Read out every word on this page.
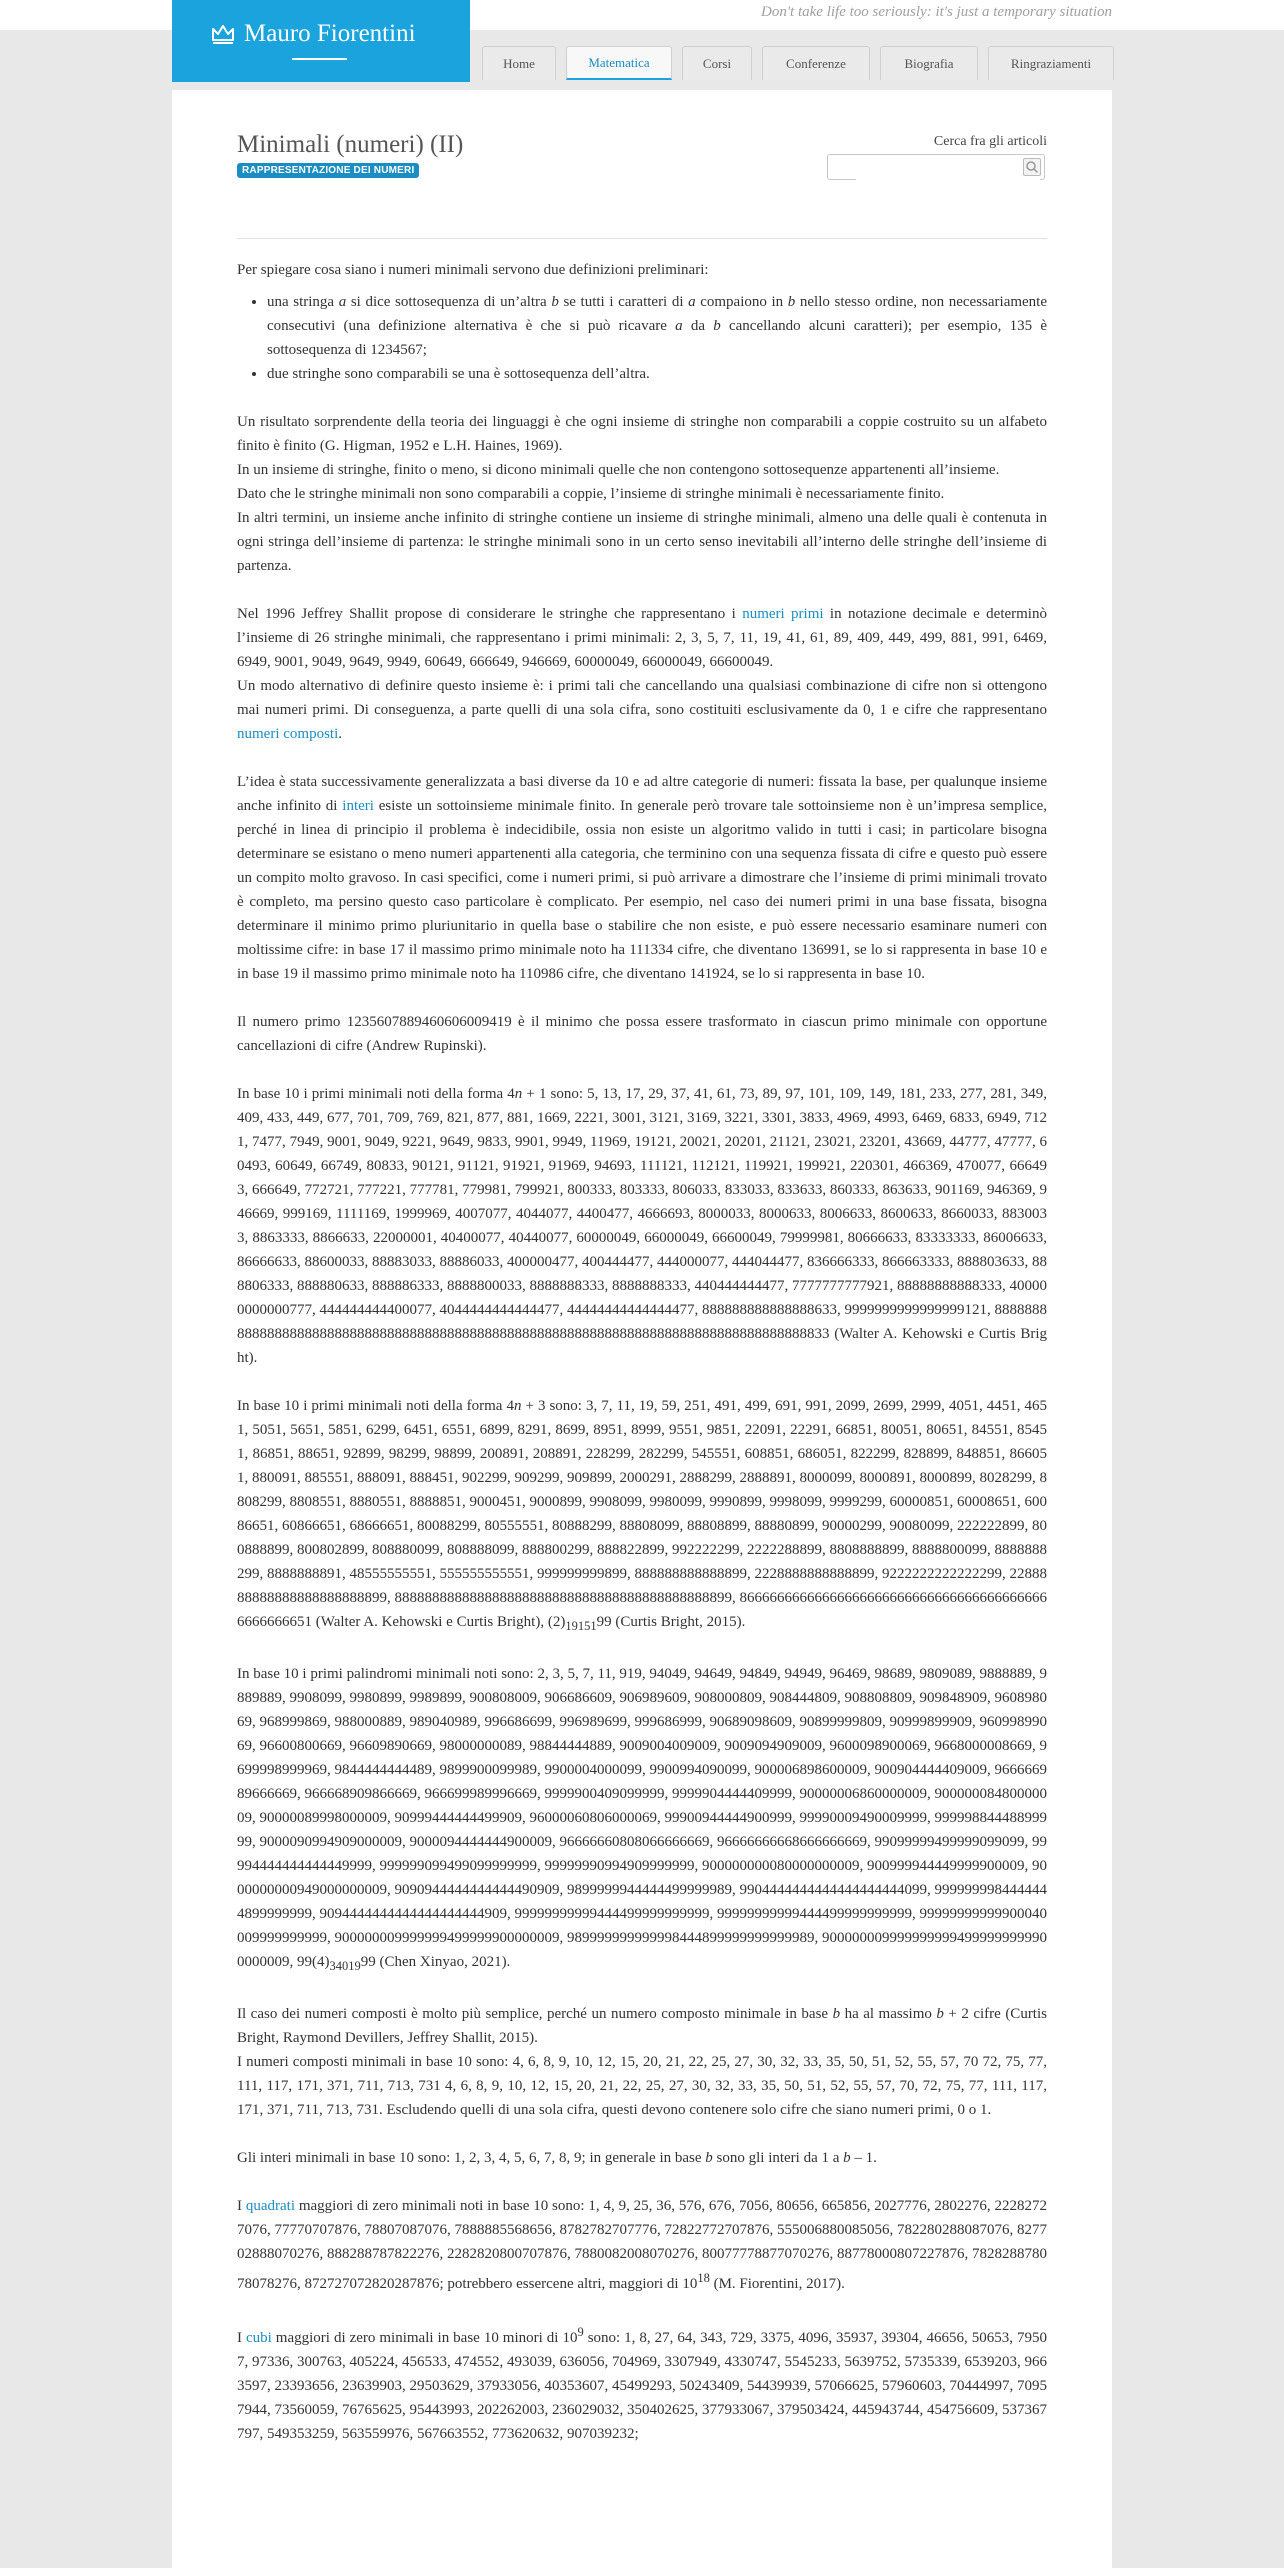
Don't take life too seriously: it's just a temporary situation
Mauro Fiorentini
Home	Matematica	Corsi	Conferenze	Biografia	Ringraziamenti
Minimali (numeri) (II)
RAPPRESENTAZIONE DEI NUMERI
Cerca fra gli articoli

Per spiegare cosa siano i numeri minimali servono due definizioni preliminari:

• una stringa a si dice sottosequenza di un’altra b se tutti i caratteri di a compaiono in b nello stesso ordine, non necessariamente consecutivi (una definizione alternativa è che si può ricavare a da b cancellando alcuni caratteri); per esempio, 135 è sottosequenza di 1234567;
• due stringhe sono comparabili se una è sottosequenza dell’altra.

Un risultato sorprendente della teoria dei linguaggi è che ogni insieme di stringhe non comparabili a coppie costruito su un alfabeto finito è finito (G. Higman, 1952 e L.H. Haines, 1969).

In un insieme di stringhe, finito o meno, si dicono minimali quelle che non contengono sottosequenze appartenenti all’insieme.

Dato che le stringhe minimali non sono comparabili a coppie, l’insieme di stringhe minimali è necessariamente finito.

In altri termini, un insieme anche infinito di stringhe contiene un insieme di stringhe minimali, almeno una delle quali è contenuta in ogni stringa dell’insieme di partenza: le stringhe minimali sono in un certo senso inevitabili all’interno delle stringhe dell’insieme di partenza.

Nel 1996 Jeffrey Shallit propose di considerare le stringhe che rappresentano i numeri primi in notazione decimale e determinò l’insieme di 26 stringhe minimali, che rappresentano i primi minimali: 2, 3, 5, 7, 11, 19, 41, 61, 89, 409, 449, 499, 881, 991, 6469, 6949, 9001, 9049, 9649, 9949, 60649, 666649, 946669, 60000049, 66000049, 66600049.

Un modo alternativo di definire questo insieme è: i primi tali che cancellando una qualsiasi combinazione di cifre non si ottengono mai numeri primi. Di conseguenza, a parte quelli di una sola cifra, sono costituiti esclusivamente da 0, 1 e cifre che rappresentano numeri composti.

L’idea è stata successivamente generalizzata a basi diverse da 10 e ad altre categorie di numeri: fissata la base, per qualunque insieme anche infinito di interi esiste un sottoinsieme minimale finito. In generale però trovare tale sottoinsieme non è un’impresa semplice, perché in linea di principio il problema è indecidibile, ossia non esiste un algoritmo valido in tutti i casi; in particolare bisogna determinare se esistano o meno numeri appartenenti alla categoria, che terminino con una sequenza fissata di cifre e questo può essere un compito molto gravoso. In casi specifici, come i numeri primi, si può arrivare a dimostrare che l’insieme di primi minimali trovato è completo, ma persino questo caso particolare è complicato. Per esempio, nel caso dei numeri primi in una base fissata, bisogna determinare il minimo primo pluriunitario in quella base o stabilire che non esiste, e può essere necessario esaminare numeri con moltissime cifre: in base 17 il massimo primo minimale noto ha 111334 cifre, che diventano 136991, se lo si rappresenta in base 10 e in base 19 il massimo primo minimale noto ha 110986 cifre, che diventano 141924, se lo si rappresenta in base 10.

Il numero primo 1235607889460606009419 è il minimo che possa essere trasformato in ciascun primo minimale con opportune cancellazioni di cifre (Andrew Rupinski).

In base 10 i primi minimali noti della forma 4n + 1 sono: 5, 13, 17, 29, 37, 41, 61, 73, 89, 97, 101, 109, 149, 181, 233, 277, 281, 349, 409, 433, 449, 677, 701, 709, 769, 821, 877, 881, 1669, 2221, 3001, 3121, 3169, 3221, 3301, 3833, 4969, 4993, 6469, 6833, 6949, 7121, 7477, 7949, 9001, 9049, 9221, 9649, 9833, 9901, 9949, 11969, 19121, 20021, 20201, 21121, 23021, 23201, 43669, 44777, 47777, 60493, 60649, 66749, 80833, 90121, 91121, 91921, 91969, 94693, 111121, 112121, 119921, 199921, 220301, 466369, 470077, 666493, 666649, 772721, 777221, 777781, 779981, 799921, 800333, 803333, 806033, 833033, 833633, 860333, 863633, 901169, 946369, 946669, 999169, 1111169, 1999969, 4007077, 4044077, 4400477, 4666693, 8000033, 8000633, 8006633, 8600633, 8660033, 8830033, 8863333, 8866633, 22000001, 40400077, 40440077, 60000049, 66000049, 66600049, 79999981, 80666633, 83333333, 86006633, 86666633, 88600033, 88883033, 88886033, 400000477, 400444477, 444000077, 444044477, 836666333, 866663333, 888803633, 888806333, 888880633, 888886333, 8888800033, 8888888333, 8888888333, 440444444477, 7777777777921, 88888888888333, 400000000000777, 444444444400077, 4044444444444477, 44444444444444477, 888888888888888633, 9999999999999999121, 88888888888888888888888888888888888888888888888888888888888888888888888888888888888833 (Walter A. Kehowski e Curtis Bright).

In base 10 i primi minimali noti della forma 4n + 3 sono: 3, 7, 11, 19, 59, 251, 491, 499, 691, 991, 2099, 2699, 2999, 4051, 4451, 4651, 5051, 5651, 5851, 6299, 6451, 6551, 6899, 8291, 8699, 8951, 8999, 9551, 9851, 22091, 22291, 66851, 80051, 80651, 84551, 85451, 86851, 88651, 92899, 98299, 98899, 200891, 208891, 228299, 282299, 545551, 608851, 686051, 822299, 828899, 848851, 866051, 880091, 885551, 888091, 888451, 902299, 909299, 909899, 2000291, 2888299, 2888891, 8000099, 8000891, 8000899, 8028299, 8808299, 8808551, 8880551, 8888851, 9000451, 9000899, 9908099, 9980099, 9990899, 9998099, 9999299, 60000851, 60008651, 60086651, 60866651, 68666651, 80088299, 80555551, 80888299, 88808099, 88808899, 88880899, 90000299, 90080099, 222222899, 800888899, 800802899, 808880099, 808888099, 888800299, 888822899, 992222299, 2222288899, 8808888899, 8888800099, 8888888299, 8888888891, 48555555551, 555555555551, 999999999899, 888888888888899, 2228888888888899, 9222222222222299, 2288888888888888888888899, 888888888888888888888888888888888888888888899, 866666666666666666666666666666666666666666666666651 (Walter A. Kehowski e Curtis Bright), $(2)_{19151}99$ (Curtis Bright, 2015).

In base 10 i primi palindromi minimali noti sono: 2, 3, 5, 7, 11, 919, 94049, 94649, 94849, 94949, 96469, 98689, 9809089, 9888889, 9889889, 9908099, 9980899, 9989899, 900808009, 906686609, 906989609, 908000809, 908444809, 908808809, 909848909, 960898069, 968999869, 988000889, 989040989, 996686699, 996989699, 999686999, 90689098609, 90899999809, 90999899909, 96099899069, 96600800669, 96609890669, 98000000089, 98844444889, 9009004009009, 9009094909009, 9600098900069, 9668000008669, 9699998999969, 9844444444489, 9899900099989, 9900004000099, 9900994090099, 900006898600009, 900904444409009, 966666989666669, 966668909866669, 966699989996669, 9999900409099999, 9999904444409999, 90000006860000009, 90000008480000009, 90000089998000009, 90999444444499909, 96000060806000069, 99900944444900999, 99990009490009999, 99999884448899999, 9000090994909000009, 9000094444444900009, 96666660808066666669, 96666666668666666669, 99099999499999099099, 99994444444444449999, 999999099499099999999, 99999990994909999999, 900000000080000000009, 900999944449999900009, 9000000000949000000009, 9090944444444444490909, 9899999944444499999989, 9904444444444444444444099, 9999999984444444899999999, 9094444444444444444444909, 99999999999444499999999999, 99999999999444499999999999, 99999999999900040009999999999, 900000009999999499999900000009, 989999999999998444899999999999989, 9000000099999999994999999999900000009, $99(4)_{34019}99$ (Chen Xinyao, 2021).

Il caso dei numeri composti è molto più semplice, perché un numero composto minimale in base b ha al massimo b + 2 cifre (Curtis Bright, Raymond Devillers, Jeffrey Shallit, 2015).

I numeri composti minimali in base 10 sono: 4, 6, 8, 9, 10, 12, 15, 20, 21, 22, 25, 27, 30, 32, 33, 35, 50, 51, 52, 55, 57, 70 72, 75, 77, 111, 117, 171, 371, 711, 713, 731 4, 6, 8, 9, 10, 12, 15, 20, 21, 22, 25, 27, 30, 32, 33, 35, 50, 51, 52, 55, 57, 70, 72, 75, 77, 111, 117, 171, 371, 711, 713, 731. Escludendo quelli di una sola cifra, questi devono contenere solo cifre che siano numeri primi, 0 o 1.

Gli interi minimali in base 10 sono: 1, 2, 3, 4, 5, 6, 7, 8, 9; in generale in base b sono gli interi da 1 a b – 1.

I quadrati maggiori di zero minimali noti in base 10 sono: 1, 4, 9, 25, 36, 576, 676, 7056, 80656, 665856, 2027776, 2802276, 22282727076, 77770707876, 78807087076, 7888885568656, 8782782707776, 72822772707876, 555006880085056, 782280288087076, 827702888070276, 888288787822276, 2282820800707876, 7880082008070276, 80077778877070276, 88778000807227876, 782828878078078276, 872727072820287876; potrebbero essercene altri, maggiori di $10^{18}$ (M. Fiorentini, 2017).

I cubi maggiori di zero minimali in base 10 minori di $10^9$ sono: 1, 8, 27, 64, 343, 729, 3375, 4096, 35937, 39304, 46656, 50653, 79507, 97336, 300763, 405224, 456533, 474552, 493039, 636056, 704969, 3307949, 4330747, 5545233, 5639752, 5735339, 6539203, 9663597, 23393656, 23639903, 29503629, 37933056, 40353607, 45499293, 50243409, 54439939, 57066625, 57960603, 70444997, 70957944, 73560059, 76765625, 95443993, 202262003, 236029032, 350402625, 377933067, 379503424, 445943744, 454756609, 537367797, 549353259, 563559976, 567663552, 773620632, 907039232;
